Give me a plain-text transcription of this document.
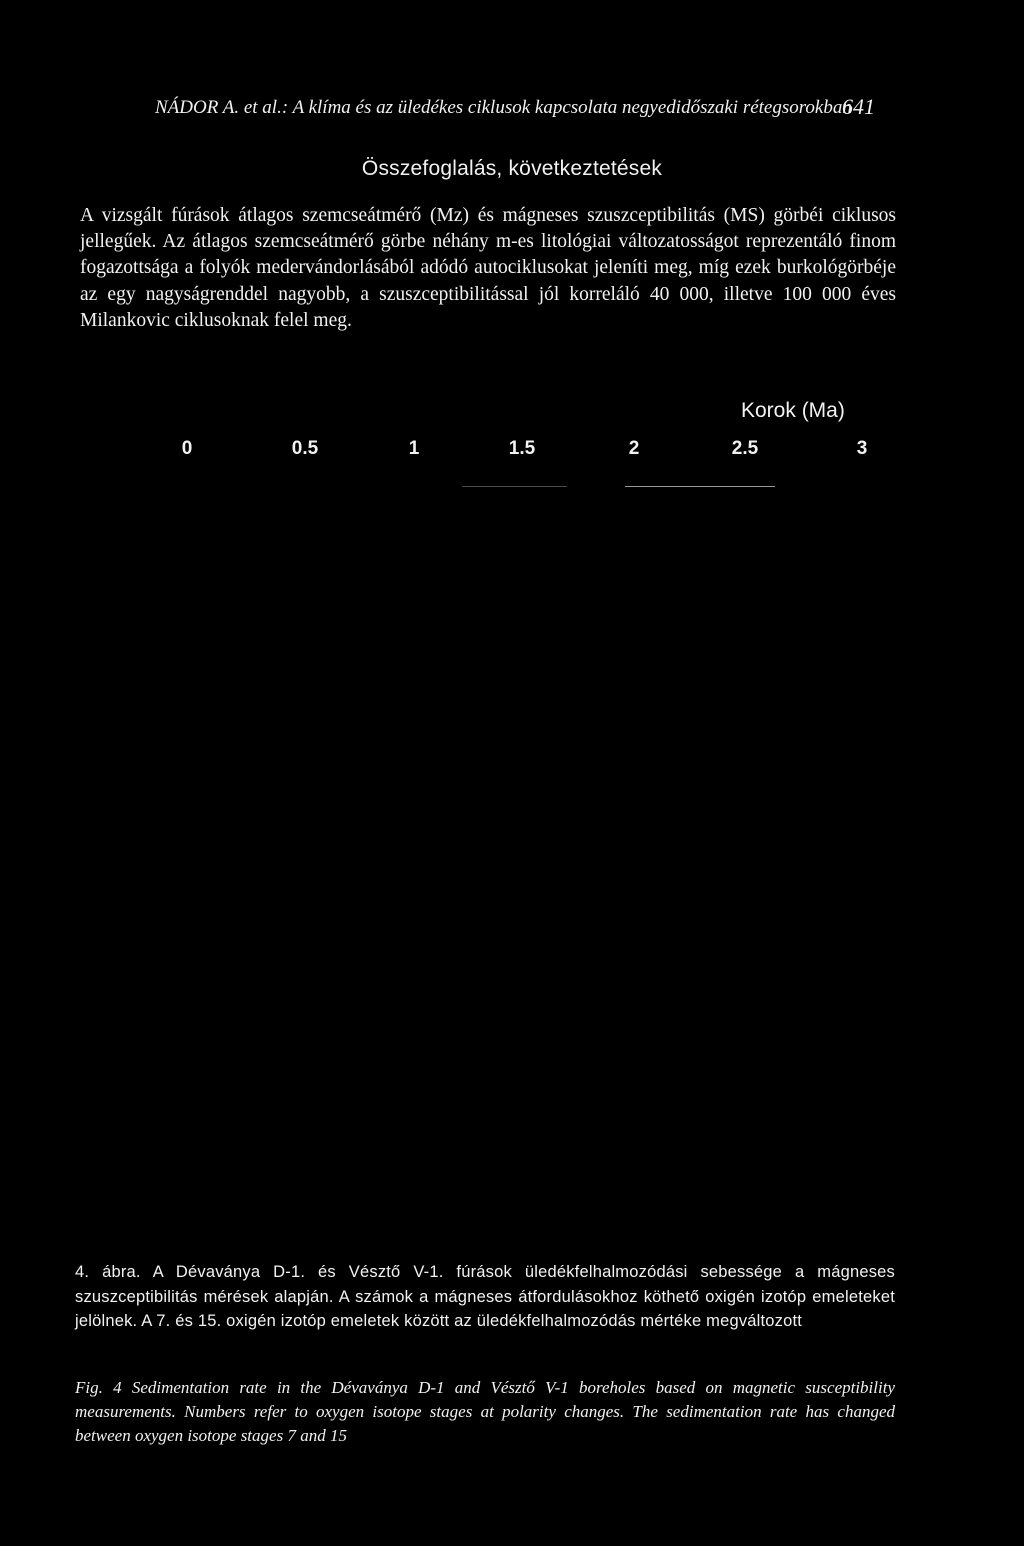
NÁDOR A. et al.: A klíma és az üledékes ciklusok kapcsolata negyedidőszaki rétegsorokban
641
Összefoglalás, következtetések
A vizsgált fúrások átlagos szemcseátmérő (Mz) és mágneses szuszceptibilitás (MS) görbéi ciklusos jellegűek. Az átlagos szemcseátmérő görbe néhány m-es litológiai változatosságot reprezentáló finom fogazottsága a folyók medervándorlásából adódó autociklusokat jeleníti meg, míg ezek burkológörbéje az egy nagyságrenddel nagyobb, a szuszceptibilitással jól korreláló 40 000, illetve 100 000 éves Milankovic ciklusoknak felel meg.
Korok (Ma)
0	0.5	1	1.5	2	2.5	3
4. ábra. A Dévaványa D-1. és Vésztő V-1. fúrások üledékfelhalmozódási sebessége a mágneses szuszceptibilitás mérések alapján. A számok a mágneses átfordulásokhoz köthető oxigén izotóp emeleteket jelölnek. A 7. és 15. oxigén izotóp emeletek között az üledékfelhalmozódás mértéke megváltozott
Fig. 4 Sedimentation rate in the Dévaványa D-1 and Vésztő V-1 boreholes based on magnetic susceptibility measurements. Numbers refer to oxygen isotope stages at polarity changes. The sedimentation rate has changed between oxygen isotope stages 7 and 15
